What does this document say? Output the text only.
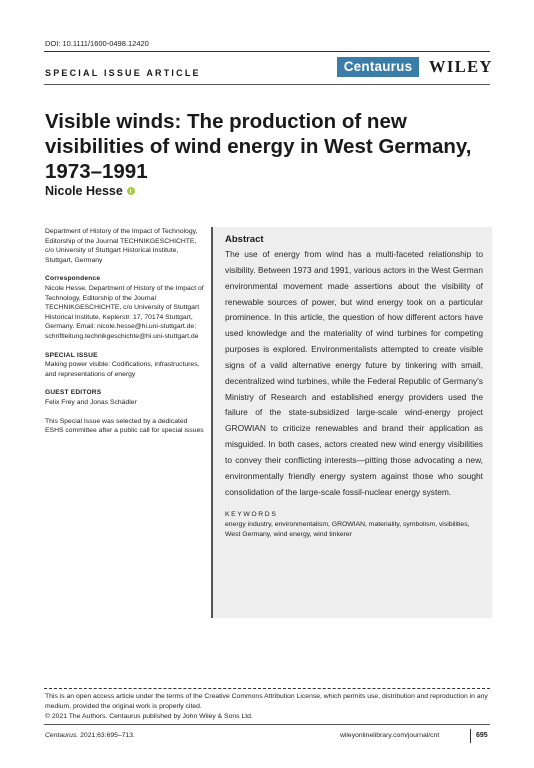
DOI: 10.1111/1600-0498.12420
SPECIAL ISSUE ARTICLE	Centaurus	WILEY
Visible winds: The production of new visibilities of wind energy in West Germany, 1973–1991
Nicole Hesse
Department of History of the Impact of Technology, Editorship of the Journal TECHNIKGESCHICHTE, c/o University of Stuttgart Historical Institute, Stuttgart, Germany
Correspondence
Nicole Hesse, Department of History of the Impact of Technology, Editorship of the Journal TECHNIKGESCHICHTE, c/o University of Stuttgart Historical Institute, Keplerstr. 17, 70174 Stuttgart, Germany. Email: nicole.hesse@hi.uni-stuttgart.de; schriftleitung.technikgeschichte@hi.uni-stuttgart.de
SPECIAL ISSUE
Making power visible: Codifications, infrastructures, and representations of energy
GUEST EDITORS
Felix Frey and Jonas Schädler
This Special Issue was selected by a dedicated ESHS committee after a public call for special issues
Abstract
The use of energy from wind has a multi-faceted relationship to visibility. Between 1973 and 1991, various actors in the West German environmental movement made assertions about the visibility of renewable sources of power, but wind energy took on a particular prominence. In this article, the question of how different actors have used knowledge and the materiality of wind turbines for competing purposes is explored. Environmentalists attempted to create visible signs of a valid alternative energy future by tinkering with small, decentralized wind turbines, while the Federal Republic of Germany's Ministry of Research and established energy providers used the failure of the state-subsidized large-scale wind-energy project GROWIAN to criticize renewables and brand their application as misguided. In both cases, actors created new wind energy visibilities to convey their conflicting interests—pitting those advocating a new, environmentally friendly energy system against those who sought consolidation of the large-scale fossil-nuclear energy system.
KEYWORDS
energy industry, environmentalism, GROWIAN, materiality, symbolism, visibilities, West Germany, wind energy, wind tinkerer
This is an open access article under the terms of the Creative Commons Attribution License, which permits use, distribution and reproduction in any medium, provided the original work is properly cited.
© 2021 The Authors. Centaurus published by John Wiley & Sons Ltd.
Centaurus. 2021;63:695–713.	wileyonlinelibrary.com/journal/cnt	695
